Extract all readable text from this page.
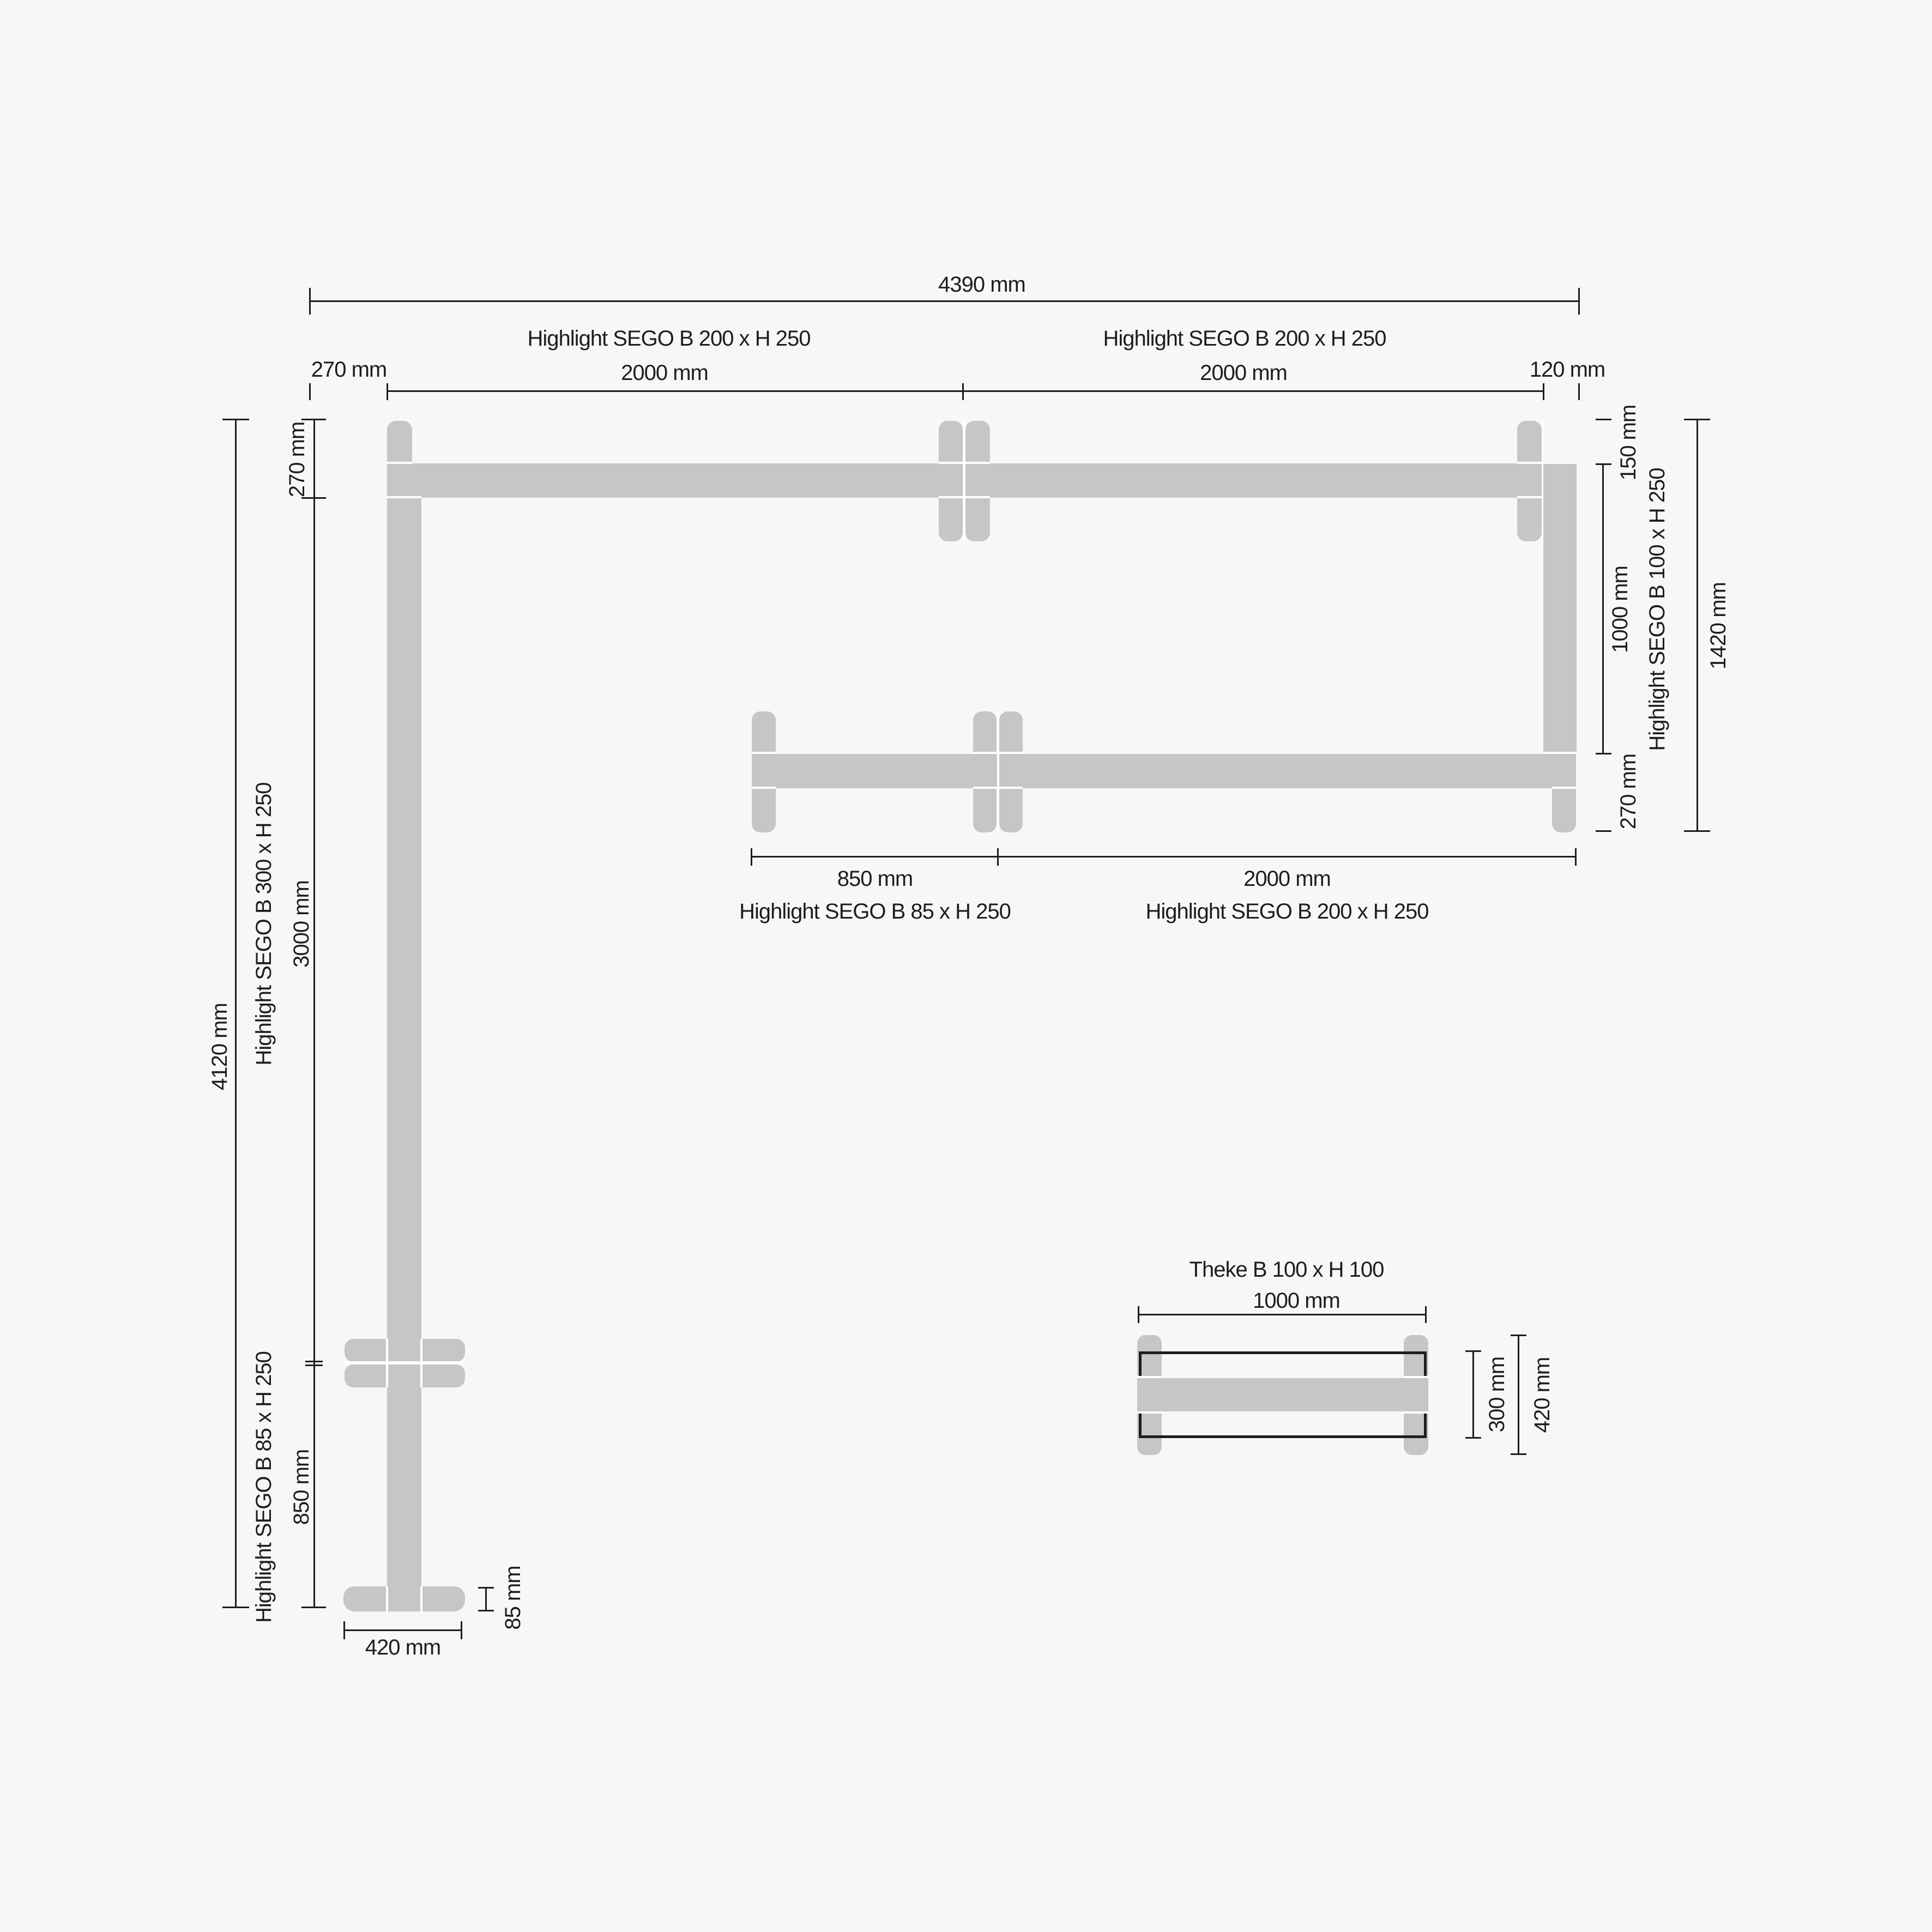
4390 mm
Highlight SEGO B 200 x H 250	Highlight SEGO B 200 x H 250
270 mm	2000 mm	2000 mm	120 mm
270 mm
Highlight SEGO B 300 x H 250 3000 mm
4120 mm
Highlight SEGO B 85 x H 250 850 mm
420 mm
85 mm
850 mm	2000 mm
Highlight SEGO B 85 x H 250	Highlight SEGO B 200 x H 250
150 mm
1000 mm Highlight SEGO B 100 x H 250
270 mm
1420 mm
Theke B 100 x H 100
1000 mm
300 mm 420 mm
